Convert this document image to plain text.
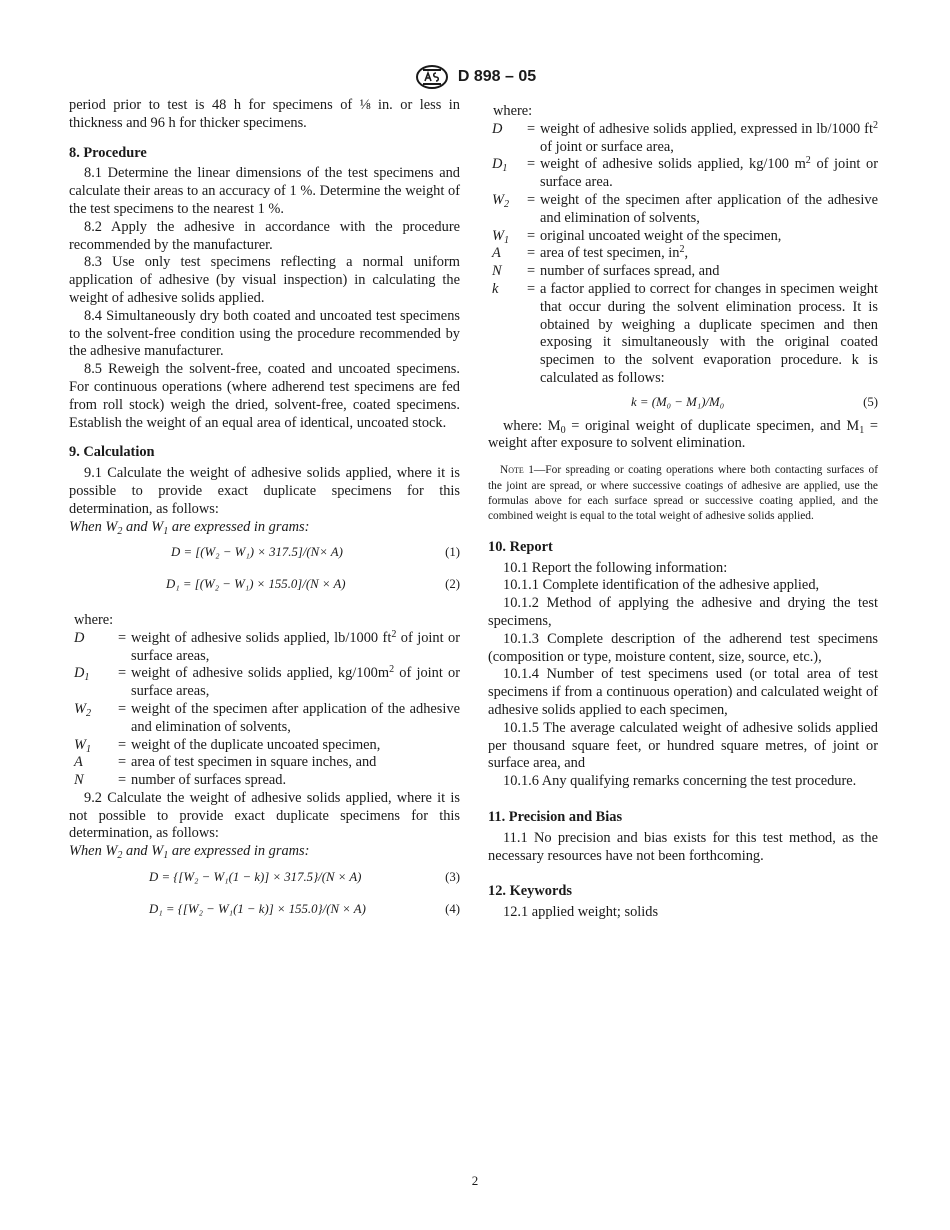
D 898 – 05

period prior to test is 48 h for specimens of ⅛ in. or less in thickness and 96 h for thicker specimens.

8. Procedure

8.1 Determine the linear dimensions of the test specimens and calculate their areas to an accuracy of 1 %. Determine the weight of the test specimens to the nearest 1 %.

8.2 Apply the adhesive in accordance with the procedure recommended by the manufacturer.

8.3 Use only test specimens reflecting a normal uniform application of adhesive (by visual inspection) in calculating the weight of adhesive solids applied.

8.4 Simultaneously dry both coated and uncoated test specimens to the solvent-free condition using the procedure recommended by the adhesive manufacturer.

8.5 Reweigh the solvent-free, coated and uncoated specimens. For continuous operations (where adherend test specimens are fed from roll stock) weigh the dried, solvent-free, coated specimens. Establish the weight of an equal area of identical, uncoated stock.

9. Calculation

9.1 Calculate the weight of adhesive solids applied, where it is possible to provide exact duplicate specimens for this determination, as follows:

When $W_2$ and $W_1$ are expressed in grams:

D = [(W₂ − W₁) × 317.5]/(N× A)	(1)
D₁ = [(W₂ − W₁) × 155.0]/(N × A)	(2)

where:

D	= weight of adhesive solids applied, lb/1000 $ft^2$ of joint or surface areas,
$D_1$	= weight of adhesive solids applied, $kg/100m^2$ of joint or surface areas,
$W_2$	= weight of the specimen after application of the adhesive and elimination of solvents,
$W_1$	= weight of the duplicate uncoated specimen,
A	= area of test specimen in square inches, and
N	= number of surfaces spread.

9.2 Calculate the weight of adhesive solids applied, where it is not possible to provide exact duplicate specimens for this determination, as follows:

When $W_2$ and $W_1$ are expressed in grams:

D = {[W₂ − W₁(1 − k)] × 317.5}/(N × A)	(3)
D₁ = {[W₂ − W₁(1 − k)] × 155.0}/(N × A)	(4)

where:

D	= weight of adhesive solids applied, expressed in lb/1000 $ft^2$ of joint or surface area,
$D_1$	= weight of adhesive solids applied, kg/100 $m^2$ of joint or surface area.
$W_2$	= weight of the specimen after application of the adhesive and elimination of solvents,
$W_1$	= original uncoated weight of the specimen,
A	= area of test specimen, $in^2$,
N	= number of surfaces spread, and
k	= a factor applied to correct for changes in specimen weight that occur during the solvent elimination process. It is obtained by weighing a duplicate specimen and then exposing it simultaneously with the original coated specimen to the solvent evaporation procedure. k is calculated as follows:
k = (M₀ − M₁)/M₀	(5)

where: $M_0$ = original weight of duplicate specimen, and $M_1$ = weight after exposure to solvent elimination.

Note 1—For spreading or coating operations where both contacting surfaces of the joint are spread, or where successive coatings of adhesive are applied, use the formulas above for each surface spread or successive coating applied, and the combined weight is equal to the total weight of adhesive solids applied.

10. Report

10.1 Report the following information:

10.1.1 Complete identification of the adhesive applied,

10.1.2 Method of applying the adhesive and drying the test specimens,

10.1.3 Complete description of the adherend test specimens (composition or type, moisture content, size, source, etc.),

10.1.4 Number of test specimens used (or total area of test specimens if from a continuous operation) and calculated weight of adhesive solids applied to each specimen,

10.1.5 The average calculated weight of adhesive solids applied per thousand square feet, or hundred square metres, of joint or surface area, and

10.1.6 Any qualifying remarks concerning the test procedure.

11. Precision and Bias

11.1 No precision and bias exists for this test method, as the necessary resources have not been forthcoming.

12. Keywords

12.1 applied weight; solids

2
